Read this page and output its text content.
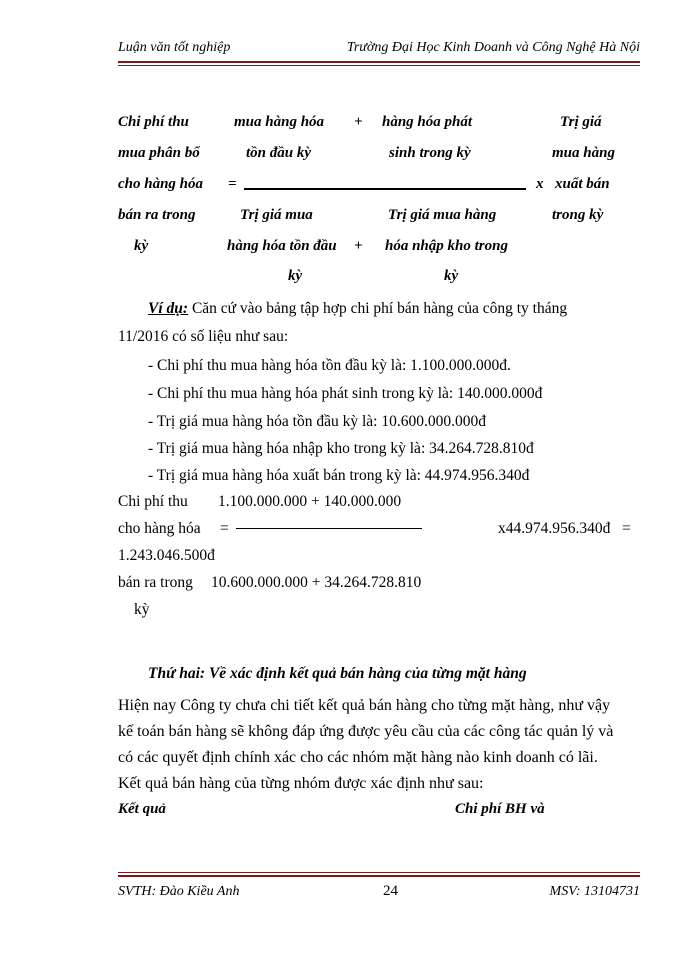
Luận văn tốt nghiệp	Trường Đại Học Kinh Doanh và Công Nghệ Hà Nội
Chi phí thu
mua phân bổ
cho hàng hóa
bán ra trong
kỳ
mua hàng hóa
tồn đầu kỳ
+ hàng hóa phát
sinh trong kỳ
=	x
Trị giá mua
hàng hóa tồn đầu
kỳ
+
Trị giá mua hàng
hóa nhập kho trong
kỳ
Trị giá
mua hàng
xuất bán
trong kỳ
Ví dụ: Căn cứ vào bảng tập hợp chi phí bán hàng của công ty tháng
11/2016 có số liệu như sau:
- Chi phí thu mua hàng hóa tồn đầu kỳ là: 1.100.000.000đ.
- Chi phí thu mua hàng hóa phát sinh trong kỳ là: 140.000.000đ
- Trị giá mua hàng hóa tồn đầu kỳ là: 10.600.000.000đ
- Trị giá mua hàng hóa nhập kho trong kỳ là: 34.264.728.810đ
- Trị giá mua hàng hóa xuất bán trong kỳ là: 44.974.956.340đ
Chi phí thu 1.100.000.000 + 140.000.000
cho hàng hóa =	x44.974.956.340đ =
1.243.046.500đ
bán ra trong 10.600.000.000 + 34.264.728.810
kỳ
Thứ hai: Về xác định kết quả bán hàng của từng mặt hàng
Hiện nay Công ty chưa chi tiết kết quả bán hàng cho từng mặt hàng, như vậy
kế toán bán hàng sẽ không đáp ứng được yêu cầu của các công tác quản lý và
có các quyết định chính xác cho các nhóm mặt hàng nào kinh doanh có lãi.
Kết quả bán hàng của từng nhóm được xác định như sau:
Kết quả	Chi phí BH và
SVTH: Đào Kiều Anh	24	MSV: 13104731
